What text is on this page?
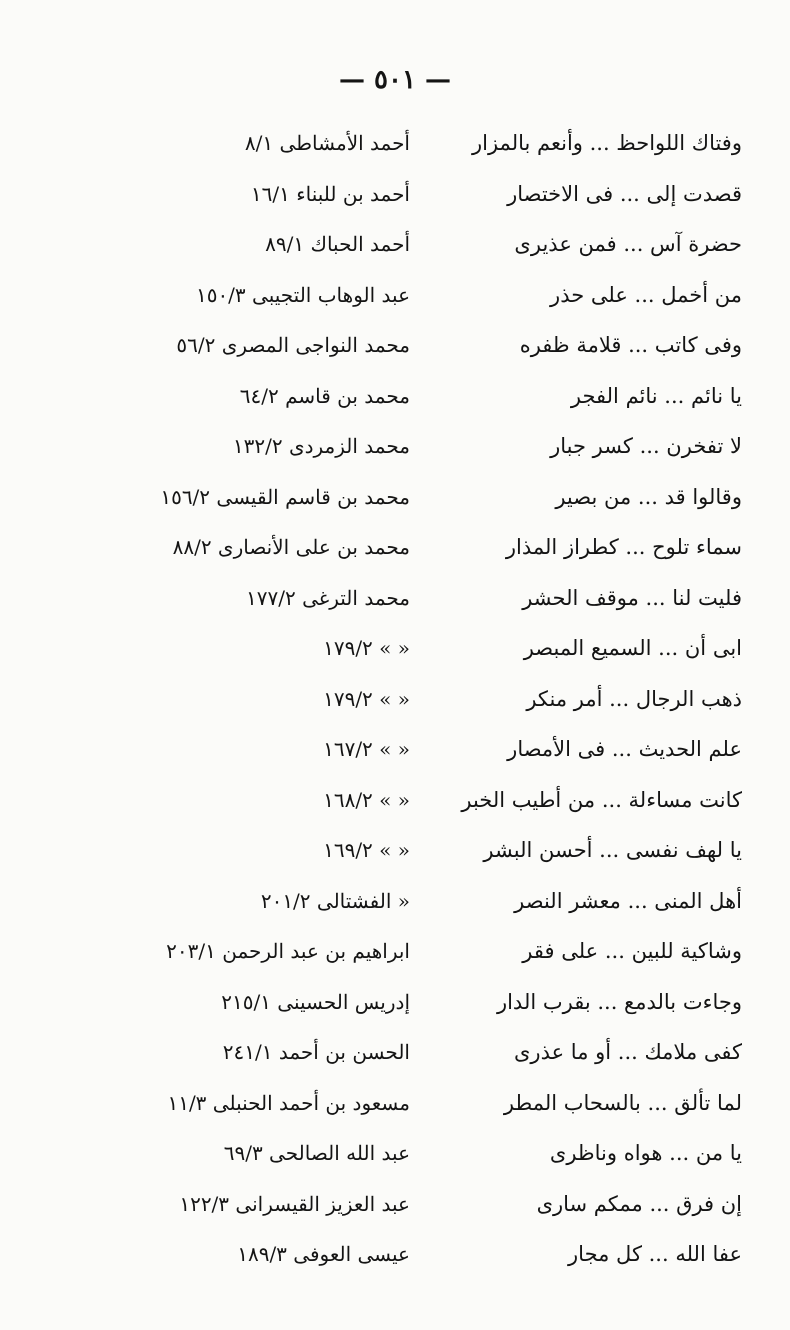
— ٥٠١ —
وفتاك اللواحظ ... وأنعم بالمزار
أحمد الأمشاطى ٨/١
قصدت إلى ... فى الاختصار
أحمد بن للبناء ١٦/١
حضرة آس ... فمن عذيرى
أحمد الحباك ٨٩/١
من أخمل ... على حذر
عبد الوهاب التجيبى ١٥٠/٣
وفى كاتب ... قلامة ظفره
محمد النواجى المصرى ٥٦/٢
يا نائم ... نائم الفجر
محمد بن قاسم ٦٤/٢
لا تفخرن ... كسر جبار
محمد الزمردى ١٣٢/٢
وقالوا قد ... من بصير
محمد بن قاسم القيسى ١٥٦/٢
سماء تلوح ... كطراز المذار
محمد بن على الأنصارى ٨٨/٢
فليت لنا ... موقف الحشر
محمد الترغى ١٧٧/٢
ابى أن ... السميع المبصر
« » ١٧٩/٢
ذهب الرجال ... أمر منكر
« » ١٧٩/٢
علم الحديث ... فى الأمصار
« » ١٦٧/٢
كانت مساءلة ... من أطيب الخبر
« » ١٦٨/٢
يا لهف نفسى ... أحسن البشر
« » ١٦٩/٢
أهل المنى ... معشر النصر
« الفشتالى ٢٠١/٢
وشاكية للبين ... على فقر
ابراهيم بن عبد الرحمن ٢٠٣/١
وجاءت بالدمع ... بقرب الدار
إدريس الحسينى ٢١٥/١
كفى ملامك ... أو ما عذرى
الحسن بن أحمد ٢٤١/١
لما تألق ... بالسحاب المطر
مسعود بن أحمد الحنبلى ١١/٣
يا من ... هواه وناظرى
عبد الله الصالحى ٦٩/٣
إن فرق ... ممكم سارى
عبد العزيز القيسرانى ١٢٢/٣
عفا الله ... كل مجار
عيسى العوفى ١٨٩/٣
